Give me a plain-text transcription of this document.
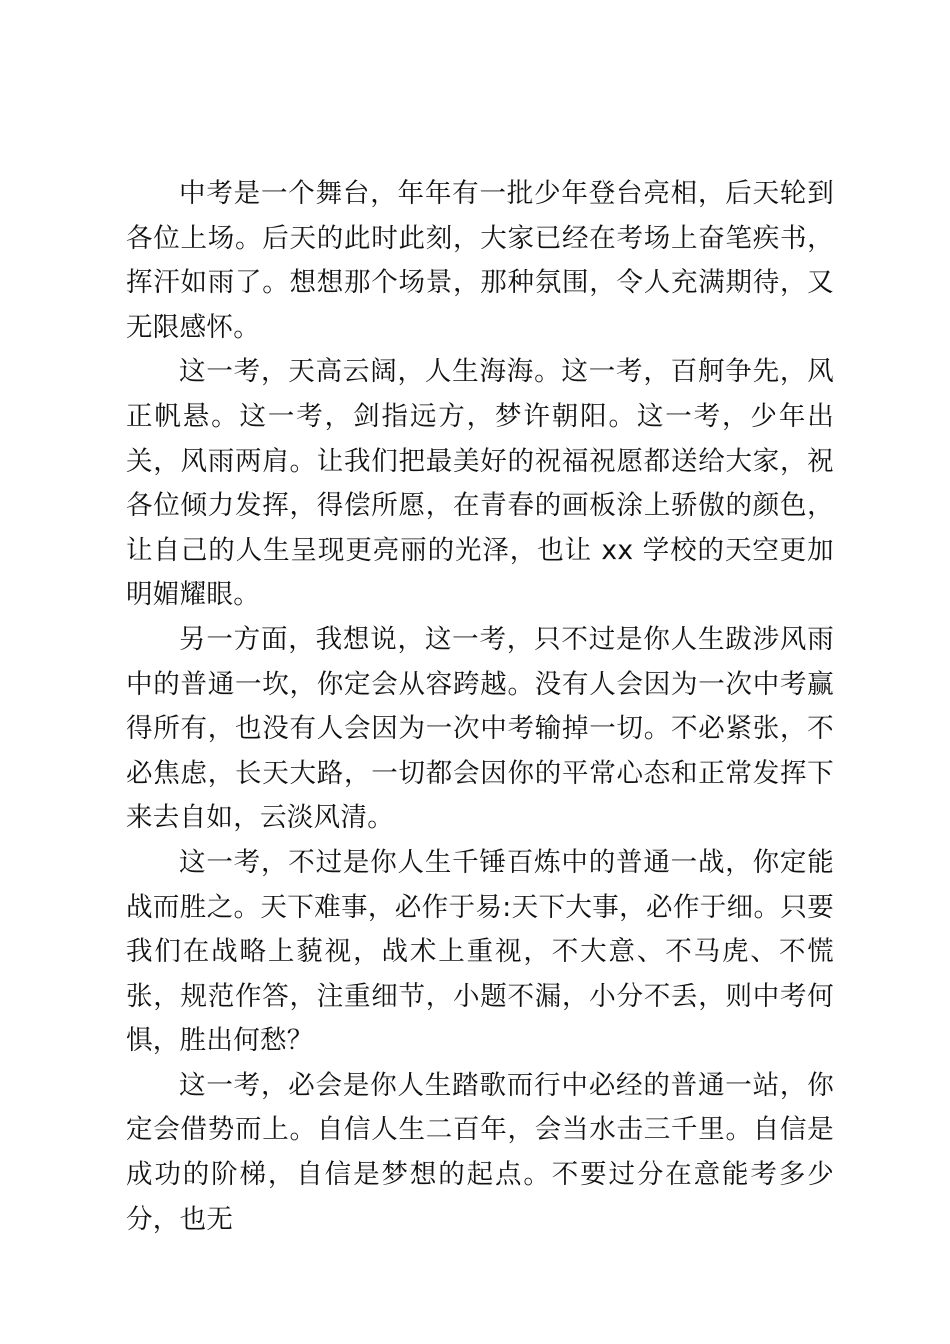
中考是一个舞台，年年有一批少年登台亮相，后天轮到各位上场。后天的此时此刻，大家已经在考场上奋笔疾书，挥汗如雨了。想想那个场景，那种氛围，令人充满期待，又无限感怀。

这一考，天高云阔，人生海海。这一考，百舸争先，风正帆悬。这一考，剑指远方，梦许朝阳。这一考，少年出关，风雨两肩。让我们把最美好的祝福祝愿都送给大家，祝各位倾力发挥，得偿所愿，在青春的画板涂上骄傲的颜色，让自己的人生呈现更亮丽的光泽，也让 xx 学校的天空更加明媚耀眼。

另一方面，我想说，这一考，只不过是你人生跋涉风雨中的普通一坎，你定会从容跨越。没有人会因为一次中考赢得所有，也没有人会因为一次中考输掉一切。不必紧张，不必焦虑，长天大路，一切都会因你的平常心态和正常发挥下来去自如，云淡风清。

这一考，不过是你人生千锤百炼中的普通一战，你定能战而胜之。天下难事，必作于易:天下大事，必作于细。只要我们在战略上藐视，战术上重视，不大意、不马虎、不慌张，规范作答，注重细节，小题不漏，小分不丢，则中考何惧，胜出何愁？

这一考，必会是你人生踏歌而行中必经的普通一站，你定会借势而上。自信人生二百年，会当水击三千里。自信是成功的阶梯，自信是梦想的起点。不要过分在意能考多少分，也无
